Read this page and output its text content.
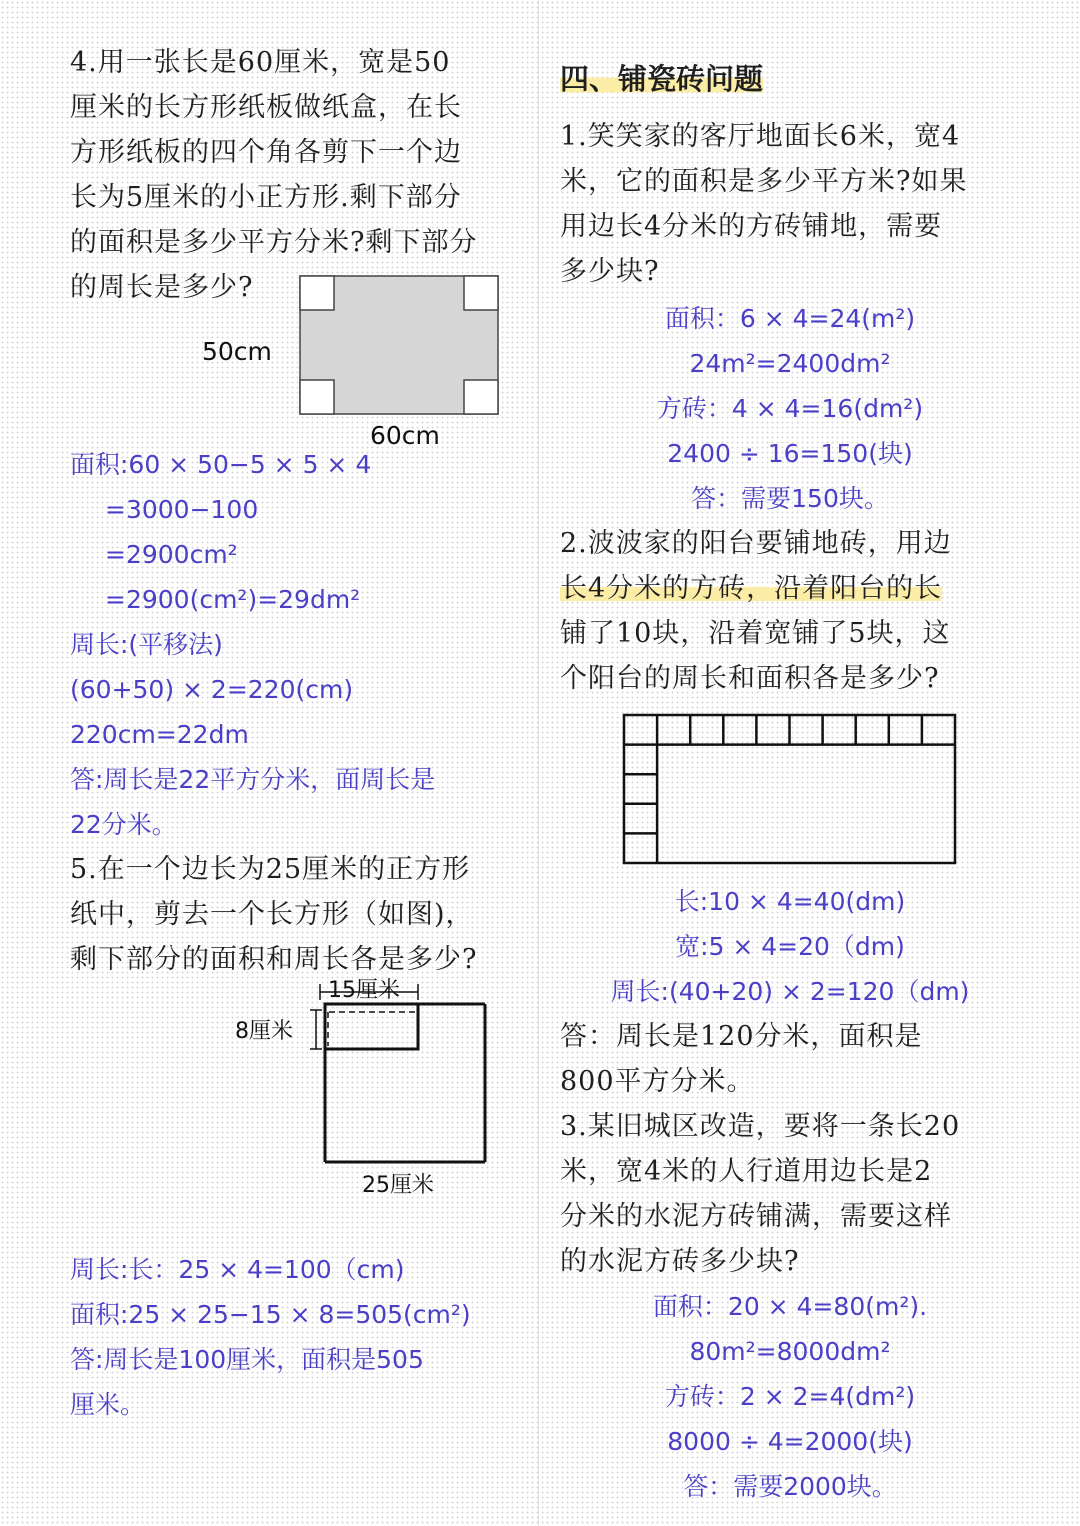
4.用一张长是60厘米，宽是50

厘米的长方形纸板做纸盒，在长

方形纸板的四个角各剪下一个边

长为5厘米的小正方形.剩下部分

的面积是多少平方分米?剩下部分

的周长是多少?

50cm
60cm

面积:60 × 50−5 × 5 × 4

=3000−100

=2900cm²

=2900(cm²)=29dm²

周长:(平移法)

(60+50) × 2=220(cm)

220cm=22dm

答:周长是22平方分米，面周长是

22分米。

5.在一个边长为25厘米的正方形

纸中，剪去一个长方形（如图)，

剩下部分的面积和周长各是多少?

15厘米
8厘米
25厘米

周长:长：25 × 4=100（cm)

面积:25 × 25−15 × 8=505(cm²)

答:周长是100厘米，面积是505

厘米。

四、铺瓷砖问题

1.笑笑家的客厅地面长6米，宽4

米，它的面积是多少平方米?如果

用边长4分米的方砖铺地，需要

多少块?

面积：6 × 4=24(m²)

24m²=2400dm²

方砖：4 × 4=16(dm²)

2400 ÷ 16=150(块)

答：需要150块。

2.波波家的阳台要铺地砖，用边

长4分米的方砖，沿着阳台的长

铺了10块，沿着宽铺了5块，这

个阳台的周长和面积各是多少?

长:10 × 4=40(dm)

宽:5 × 4=20（dm)

周长:(40+20) × 2=120（dm)

答：周长是120分米，面积是

800平方分米。

3.某旧城区改造，要将一条长20

米，宽4米的人行道用边长是2

分米的水泥方砖铺满，需要这样

的水泥方砖多少块?

面积：20 × 4=80(m²).

80m²=8000dm²

方砖：2 × 2=4(dm²)

8000 ÷ 4=2000(块)

答：需要2000块。
